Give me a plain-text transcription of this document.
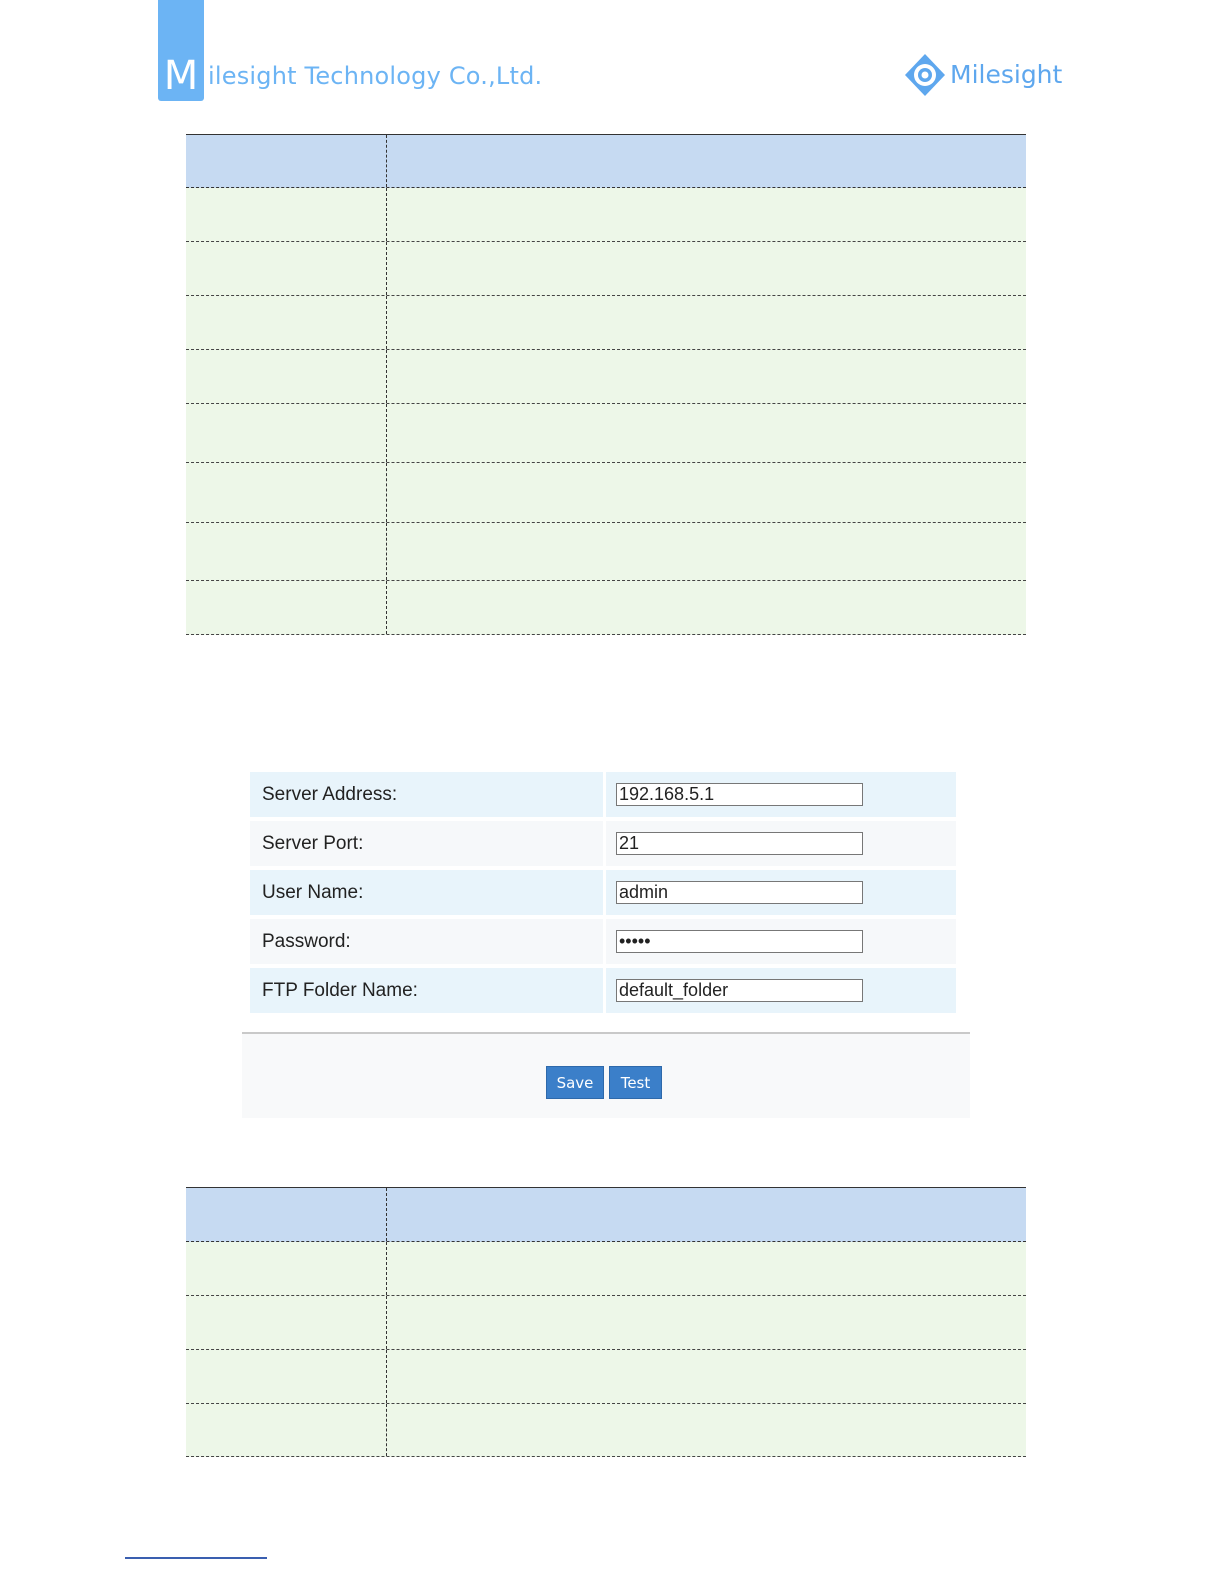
M ilesight Technology Co.,Ltd.	Milesight
Server Address:
192.168.5.1
Server Port:
21
User Name:
admin
Password:
FTP Folder Name:
default_folder
Save	Test
